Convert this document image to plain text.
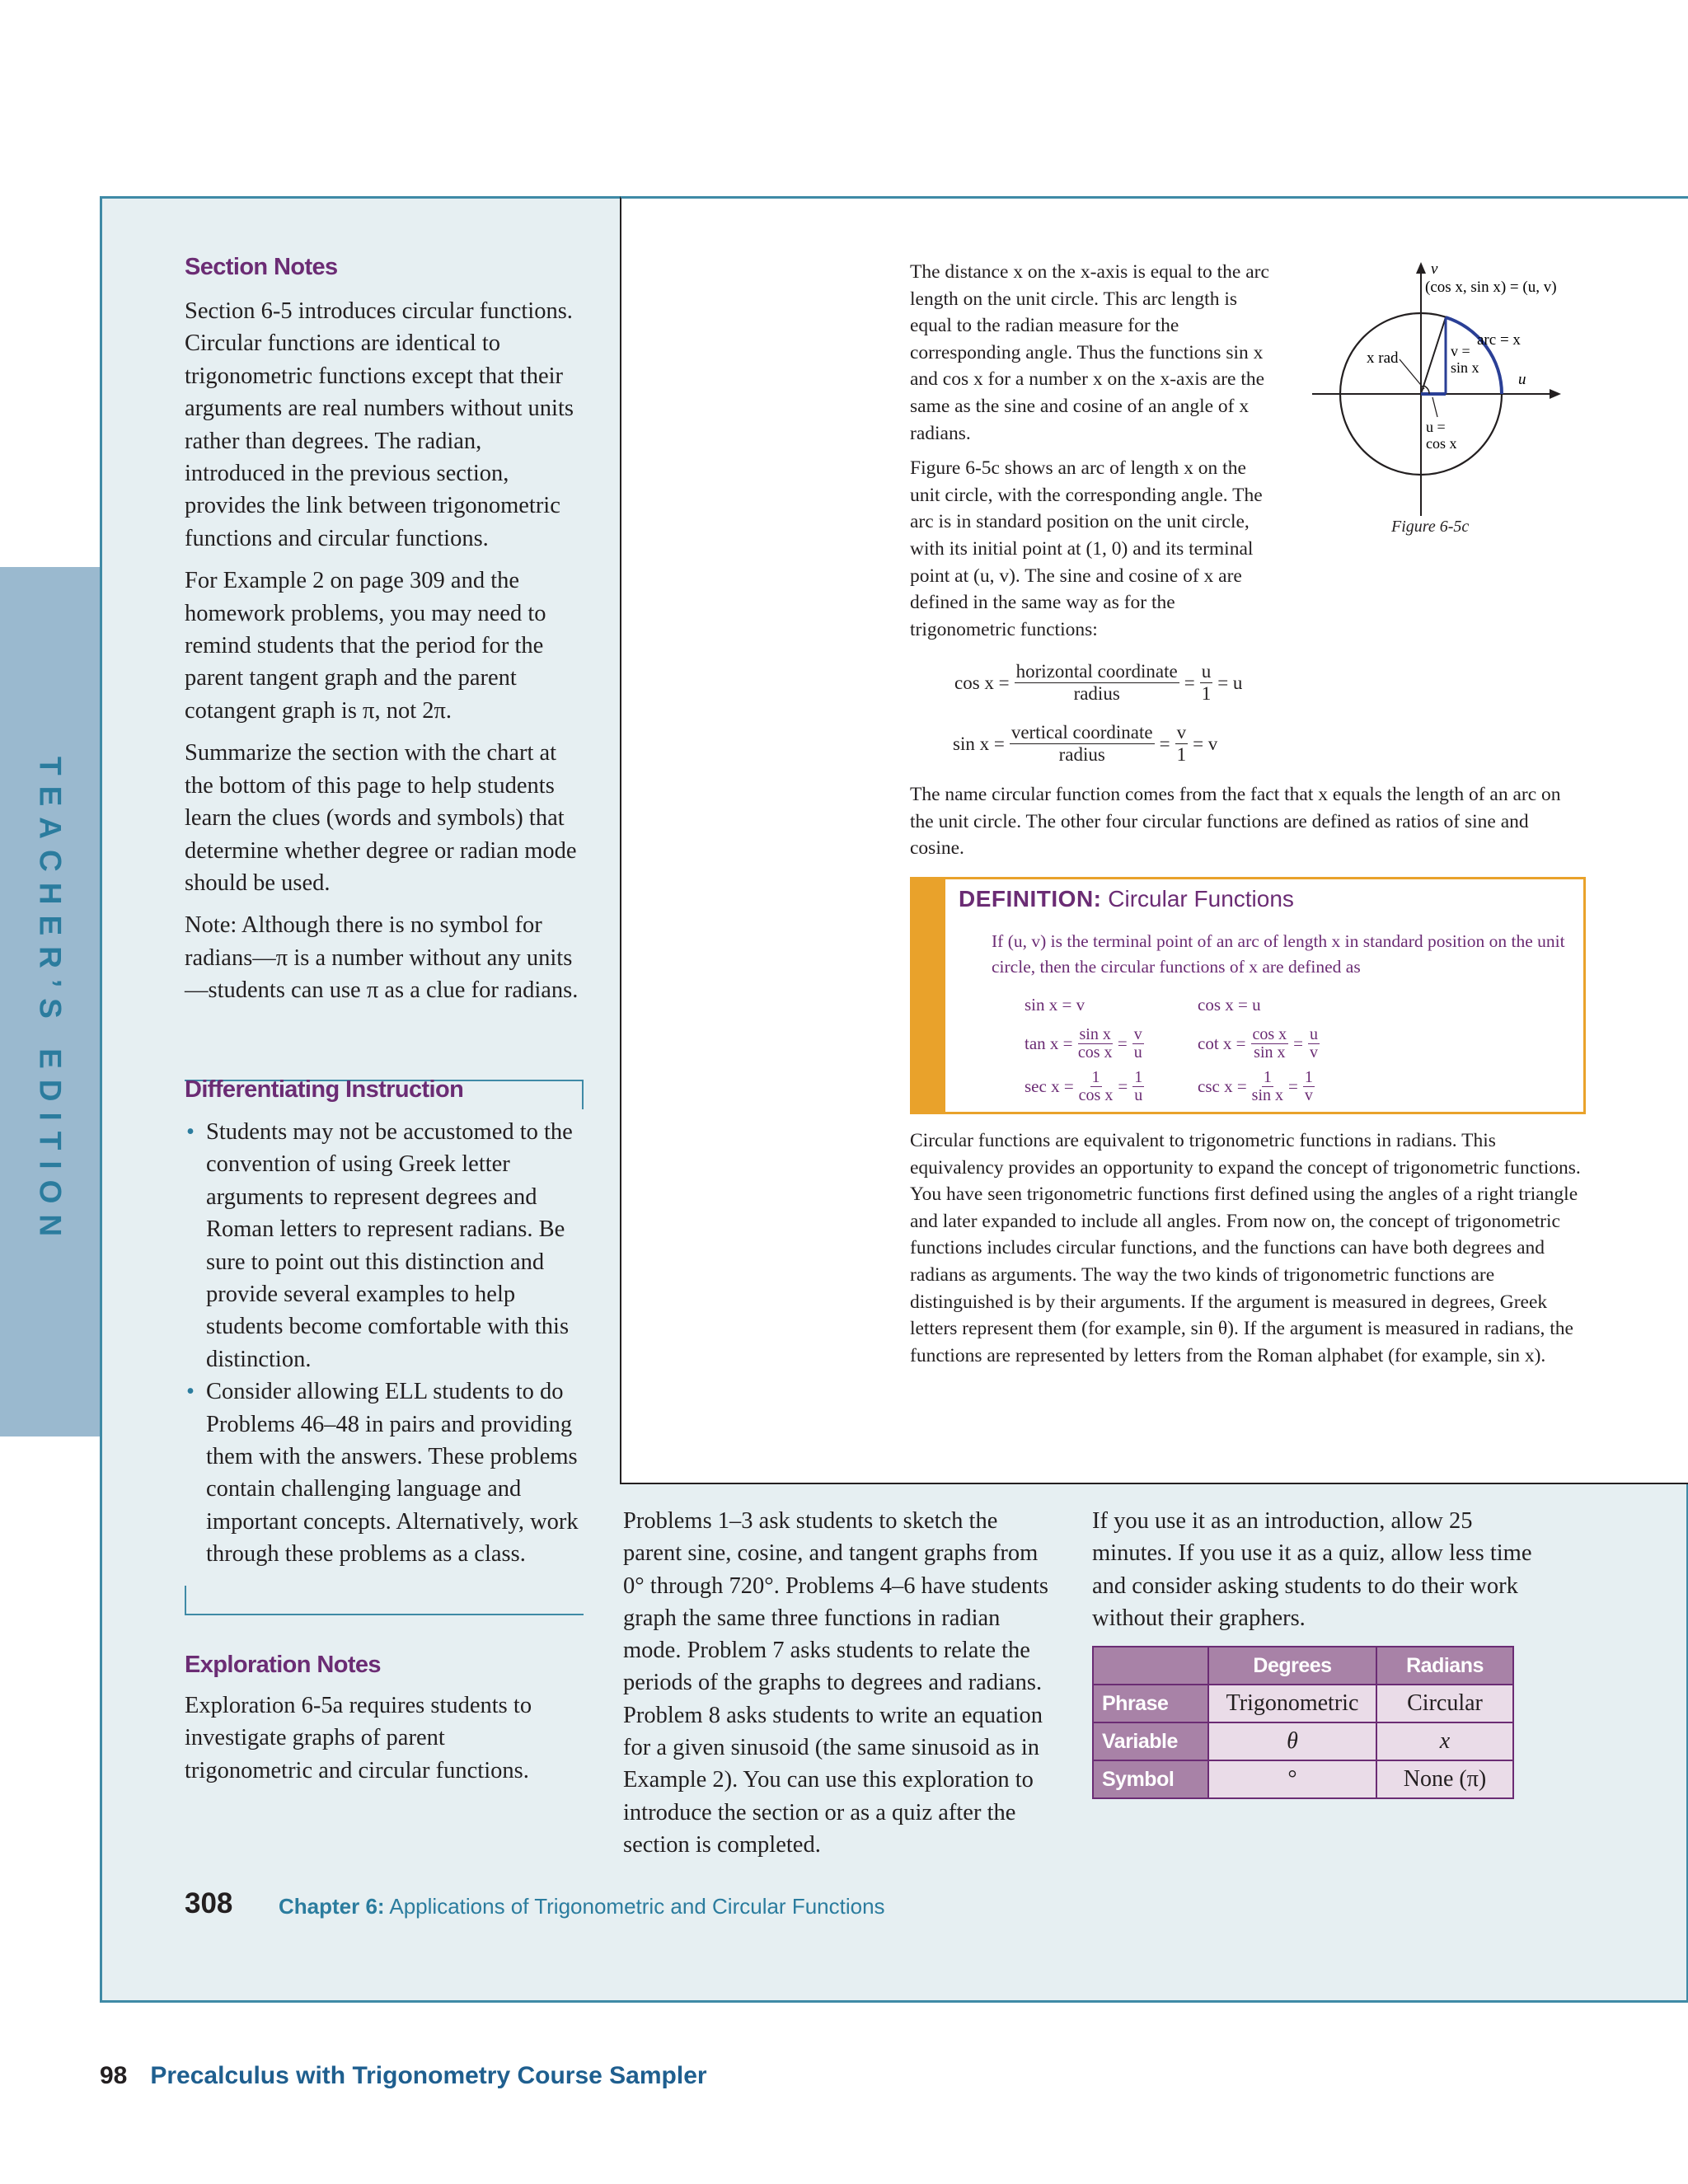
TEACHER’S EDITION
Section Notes

Section 6-5 introduces circular functions. Circular functions are identical to trigonometric functions except that their arguments are real numbers without units rather than degrees. The radian, introduced in the previous section, provides the link between trigonometric functions and circular functions.

For Example 2 on page 309 and the homework problems, you may need to remind students that the period for the parent tangent graph and the parent cotangent graph is π, not 2π.

Summarize the section with the chart at the bottom of this page to help students learn the clues (words and symbols) that determine whether degree or radian mode should be used.

Note: Although there is no symbol for radians—π is a number without any units—students can use π as a clue for radians.

Differentiating Instruction
• Students may not be accustomed to the convention of using Greek letter arguments to represent degrees and Roman letters to represent radians. Be sure to point out this distinction and provide several examples to help students become comfortable with this distinction.
• Consider allowing ELL students to do Problems 46–48 in pairs and providing them with the answers. These problems contain challenging language and important concepts. Alternatively, work through these problems as a class.
Exploration Notes

Exploration 6-5a requires students to investigate graphs of parent trigonometric and circular functions.

The distance x on the x-axis is equal to the arc length on the unit circle. This arc length is equal to the radian measure for the corresponding angle. Thus the functions sin x and cos x for a number x on the x-axis are the same as the sine and cosine of an angle of x radians.

Figure 6-5c shows an arc of length x on the unit circle, with the corresponding angle. The arc is in standard position on the unit circle, with its initial point at (1, 0) and its terminal point at (u, v). The sine and cosine of x are defined in the same way as for the trigonometric functions:

v
u
(cos x, sin x) = (u, v)
arc = x
x rad	v =
sin x
u =
cos x
Figure 6-5c
$\cos x = \frac{\text{horizontal coordinate}}{\text{radius}} = \frac{u}{1} = u$
$\sin x = \frac{\text{vertical coordinate}}{\text{radius}} = \frac{v}{1} = v$

The name circular function comes from the fact that x equals the length of an arc on the unit circle. The other four circular functions are defined as ratios of sine and cosine.

DEFINITION: Circular Functions
If (u, v) is the terminal point of an arc of length x in standard position on the unit circle, then the circular functions of x are defined as
sin x = v	cos x = u
$\tan x = \frac{\text{sin x}}{\text{cos x}} = \frac{v}{u}$	$\cot x = \frac{\text{cos x}}{\text{sin x}} = \frac{u}{v}$
$\sec x = \frac{1}{\text{cos x}} = \frac{1}{u}$	$\csc x = \frac{1}{\text{sin x}} = \frac{1}{v}$

Circular functions are equivalent to trigonometric functions in radians. This equivalency provides an opportunity to expand the concept of trigonometric functions. You have seen trigonometric functions first defined using the angles of a right triangle and later expanded to include all angles. From now on, the concept of trigonometric functions includes circular functions, and the functions can have both degrees and radians as arguments. The way the two kinds of trigonometric functions are distinguished is by their arguments. If the argument is measured in degrees, Greek letters represent them (for example, sin θ). If the argument is measured in radians, the functions are represented by letters from the Roman alphabet (for example, sin x).

Problems 1–3 ask students to sketch the parent sine, cosine, and tangent graphs from 0° through 720°. Problems 4–6 have students graph the same three functions in radian mode. Problem 7 asks students to relate the periods of the graphs to degrees and radians. Problem 8 asks students to write an equation for a given sinusoid (the same sinusoid as in Example 2). You can use this exploration to introduce the section or as a quiz after the section is completed.
If you use it as an introduction, allow 25 minutes. If you use it as a quiz, allow less time and consider asking students to do their work without their graphers.
	Degrees	Radians
Phrase	Trigonometric	Circular
Variable	θ	x
Symbol	°	None (π)
308 Chapter 6: Applications of Trigonometric and Circular Functions
98 Precalculus with Trigonometry Course Sampler
